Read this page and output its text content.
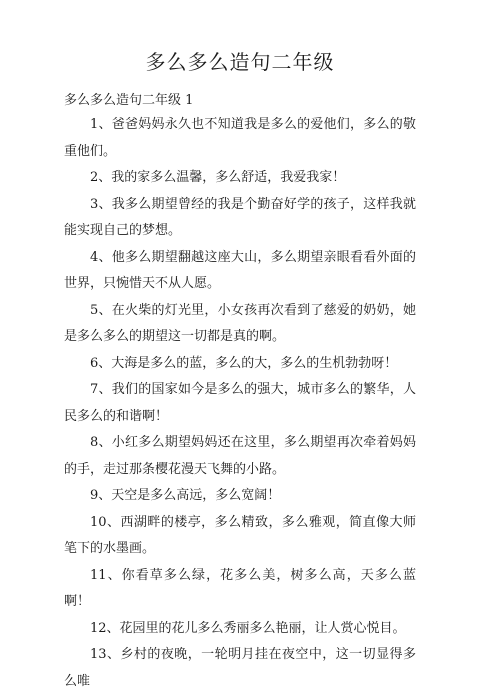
多么多么造句二年级

多么多么造句二年级 1

1、爸爸妈妈永久也不知道我是多么的爱他们，多么的敬重他们。

2、我的家多么温馨，多么舒适，我爱我家！

3、我多么期望曾经的我是个勤奋好学的孩子，这样我就能实现自己的梦想。

4、他多么期望翻越这座大山，多么期望亲眼看看外面的世界，只惋惜天不从人愿。

5、在火柴的灯光里，小女孩再次看到了慈爱的奶奶，她是多么多么的期望这一切都是真的啊。

6、大海是多么的蓝，多么的大，多么的生机勃勃呀！

7、我们的国家如今是多么的强大，城市多么的繁华，人民多么的和谐啊！

8、小红多么期望妈妈还在这里，多么期望再次牵着妈妈的手，走过那条樱花漫天飞舞的小路。

9、天空是多么高远，多么宽阔！

10、西湖畔的楼亭，多么精致，多么雅观，简直像大师笔下的水墨画。

11、你看草多么绿，花多么美，树多么高，天多么蓝啊！

12、花园里的花儿多么秀丽多么艳丽，让人赏心悦目。

13、乡村的夜晚，一轮明月挂在夜空中，这一切显得多么唯
